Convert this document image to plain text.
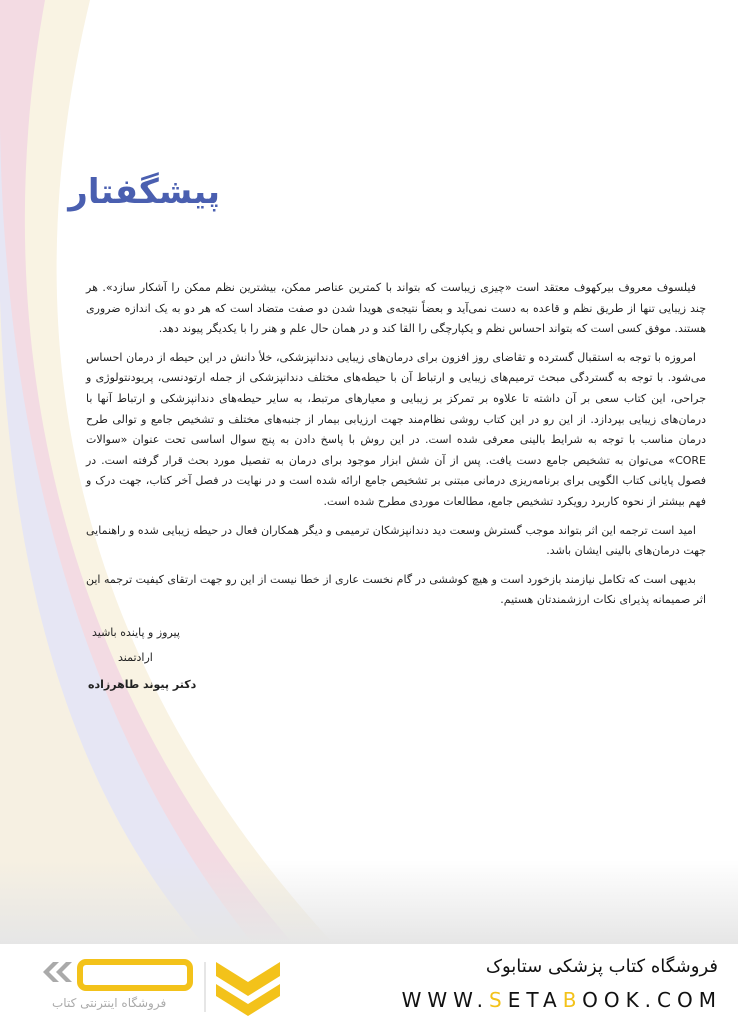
پیشگفتار

فیلسوف معروف بیرکهوف معتقد است «چیزی زیباست که بتواند با کمترین عناصر ممکن، بیشترین نظم ممکن را آشکار سازد». هر چند زیبایی تنها از طریق نظم و قاعده به دست نمی‌آید و بعضاً نتیجه‌ی هویدا شدن دو صفت متضاد است که هر دو به یک اندازه ضروری هستند. موفق کسی است که بتواند احساس نظم و یکپارچگی را القا کند و در همان حال علم و هنر را با یکدیگر پیوند دهد.

امروزه با توجه به استقبال گسترده و تقاضای روز افزون برای درمان‌های زیبایی دندانپزشکی، خلأ دانش در این حیطه از درمان احساس می‌شود. با توجه به گستردگی مبحث ترمیم‌های زیبایی و ارتباط آن با حیطه‌های مختلف دندانپزشکی از جمله ارتودنسی، پریودنتولوژی و جراحی، این کتاب سعی بر آن داشته تا علاوه بر تمرکز بر زیبایی و معیارهای مرتبط، به سایر حیطه‌های دندانپزشکی و ارتباط آنها با درمان‌های زیبایی بپردازد. از این رو در این کتاب روشی نظام‌مند جهت ارزیابی بیمار از جنبه‌های مختلف و تشخیص جامع و توالی طرح درمان مناسب با توجه به شرایط بالینی معرفی شده است. در این روش با پاسخ دادن به پنج سوال اساسی تحت عنوان «سوالات CORE» می‌توان به تشخیص جامع دست یافت. پس از آن شش ابزار موجود برای درمان به تفصیل مورد بحث قرار گرفته است. در فصول پایانی کتاب الگویی برای برنامه‌ریزی درمانی مبتنی بر تشخیص جامع ارائه شده است و در نهایت در فصل آخر کتاب، جهت درک و فهم بیشتر از نحوه کاربرد رویکرد تشخیص جامع، مطالعات موردی مطرح شده است.

امید است ترجمه این اثر بتواند موجب گسترش وسعت دید دندانپزشکان ترمیمی و دیگر همکاران فعال در حیطه زیبایی شده و راهنمایی جهت درمان‌های بالینی ایشان باشد.

بدیهی است که تکامل نیازمند بازخورد است و هیچ کوششی در گام نخست عاری از خطا نیست از این رو جهت ارتقای کیفیت ترجمه این اثر صمیمانه پذیرای نکات ارزشمندتان هستیم.

پیروز و پاینده باشید
ارادتمند
دکتر پیوند طاهرزاده
فروشگاه اینترنتی کتاب
فروشگاه کتاب پزشکی ستابوک
WWW.SETABOOK.COM
